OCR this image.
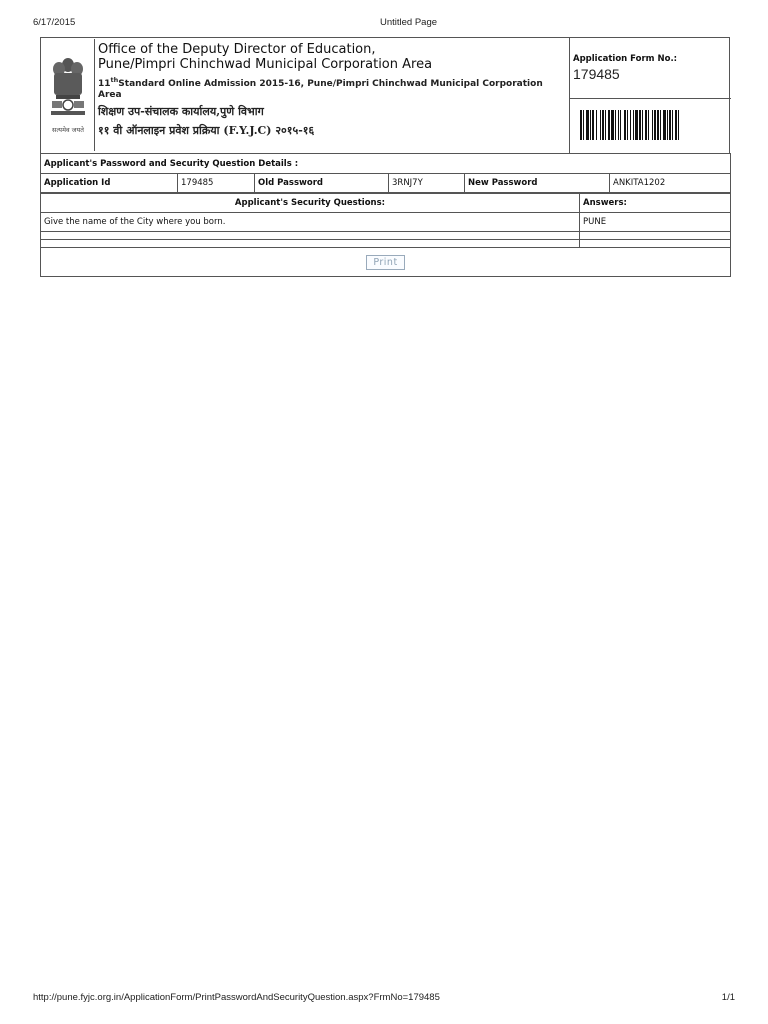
6/17/2015	Untitled Page
सत्यमेव जयते
Office of the Deputy Director of Education,
Pune/Pimpri Chinchwad Municipal Corporation Area
11thStandard Online Admission 2015-16, Pune/Pimpri Chinchwad Municipal Corporation Area
शिक्षण उप-संचालक कार्यालय,पुणे विभाग
११ वी ऑनलाइन प्रवेश प्रक्रिया (F.Y.J.C) २०१५-१६
Application Form No.:
179485
Applicant's Password and Security Question Details :
Application Id	179485	Old Password	3RNJ7Y	New Password	ANKITA1202
Applicant's Security Questions:	Answers:
Give the name of the City where you born.	PUNE

Print	
http://pune.fyjc.org.in/ApplicationForm/PrintPasswordAndSecurityQuestion.aspx?FrmNo=179485	1/1
